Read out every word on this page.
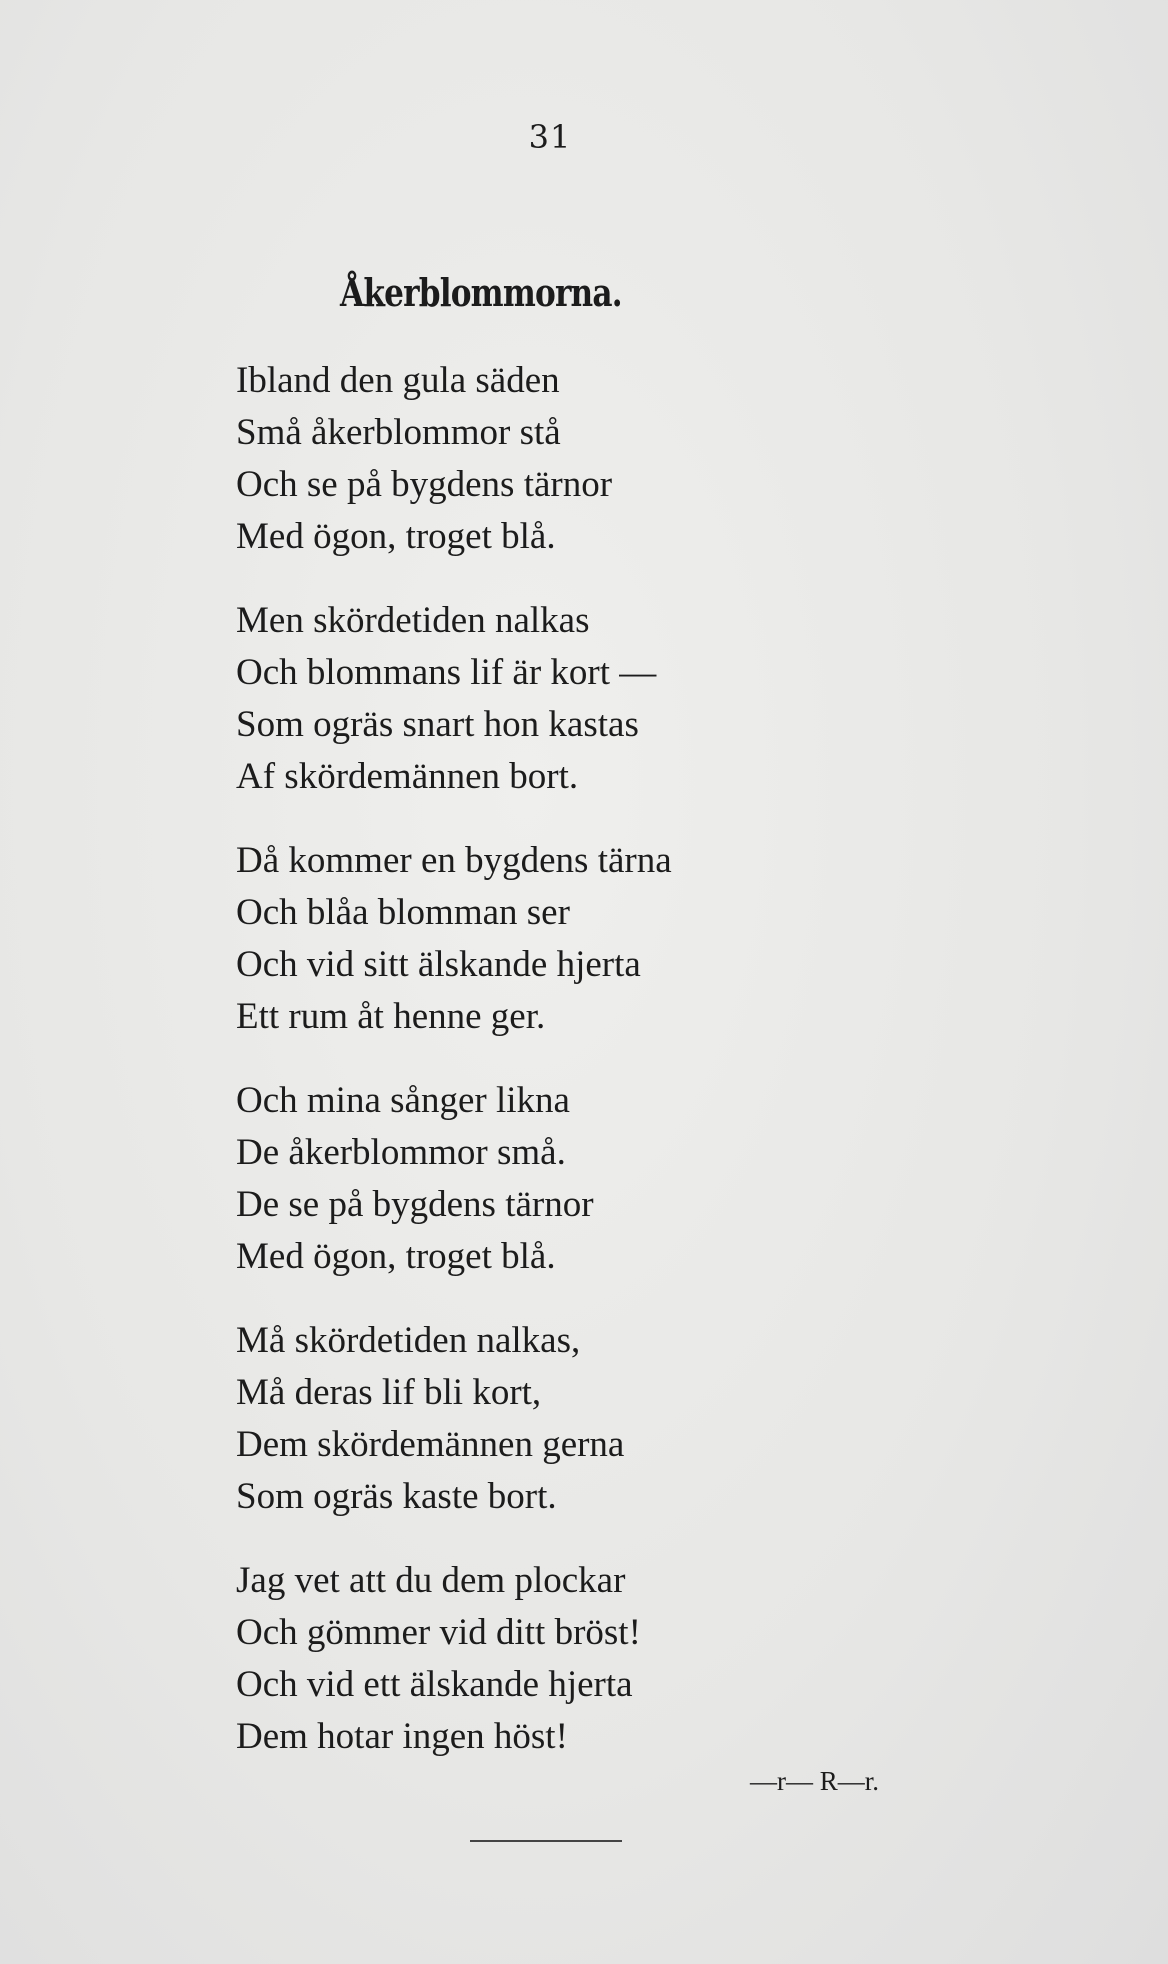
31
Åkerblommorna.
Ibland den gula säden
Små åkerblommor stå
Och se på bygdens tärnor
Med ögon, troget blå.
Men skördetiden nalkas
Och blommans lif är kort —
Som ogräs snart hon kastas
Af skördemännen bort.
Då kommer en bygdens tärna
Och blåa blomman ser
Och vid sitt älskande hjerta
Ett rum åt henne ger.
Och mina sånger likna
De åkerblommor små.
De se på bygdens tärnor
Med ögon, troget blå.
Må skördetiden nalkas,
Må deras lif bli kort,
Dem skördemännen gerna
Som ogräs kaste bort.
Jag vet att du dem plockar
Och gömmer vid ditt bröst!
Och vid ett älskande hjerta
Dem hotar ingen höst!
—r— R—r.
